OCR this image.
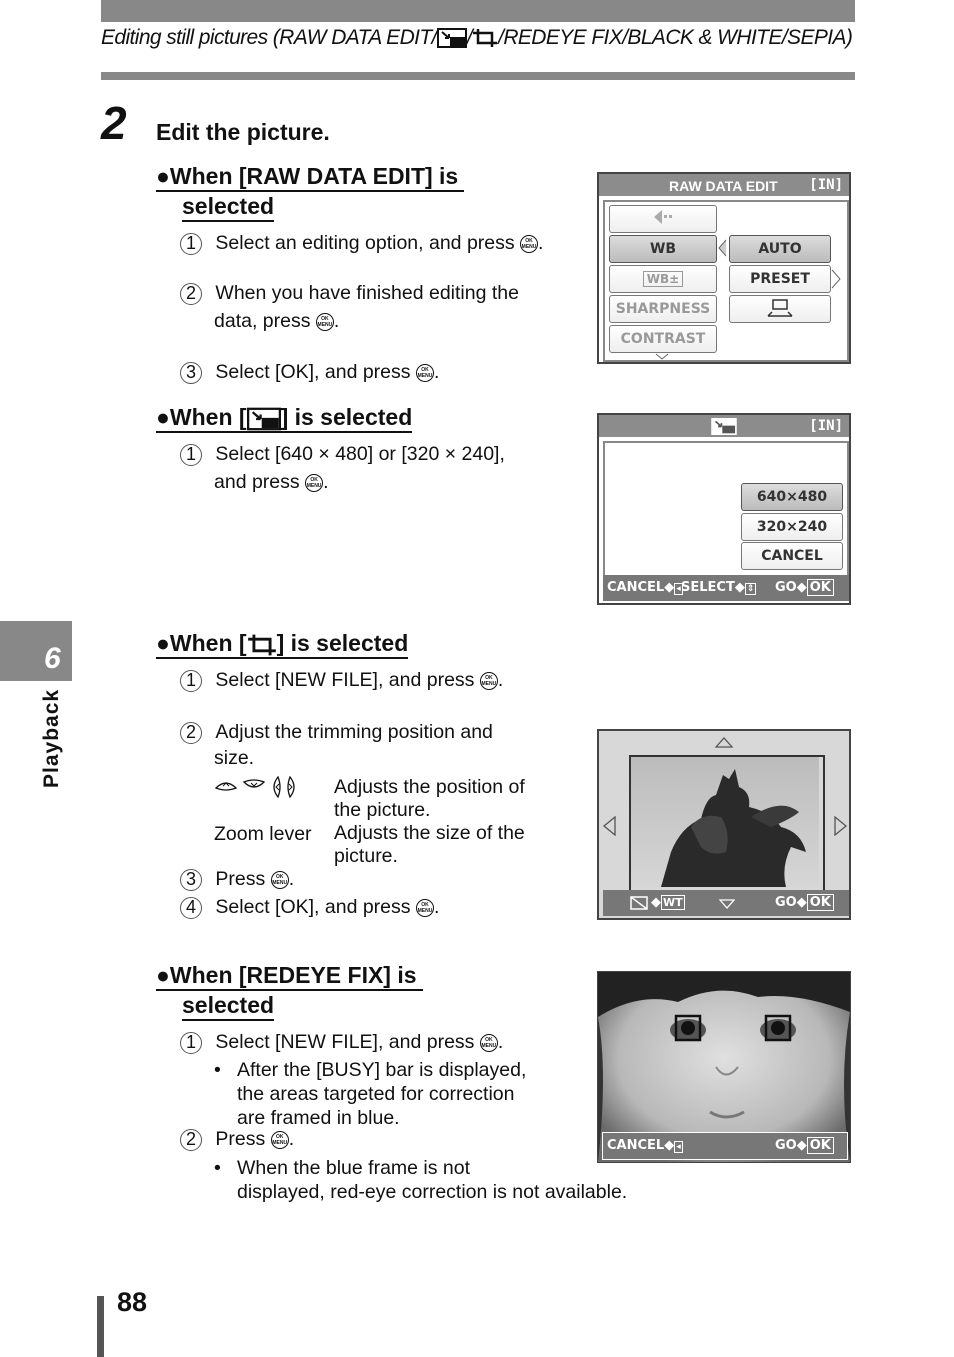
Editing still pictures (RAW DATA EDIT/ / /REDEYE FIX/BLACK & WHITE/SEPIA)
2 Edit the picture.
●When [RAW DATA EDIT] is
selected
1 Select an editing option, and press OK
MENU.
2 When you have finished editing the
data, press OK
MENU.
3 Select [OK], and press OK
MENU.
RAW DATA EDIT [IN]
WB
WB±
SHARPNESS
CONTRAST
AUTO
PRESET
●When [ ] is selected
1 Select [640 × 480] or [320 × 240],
and press OK
MENU.
[IN]
640×480
320×240
CANCEL
CANCEL◆ ◂ SELECT◆ ⇕ GO◆ OK
●When [ ] is selected
1 Select [NEW FILE], and press OK
MENU.
2 Adjust the trimming position and
size.
Adjusts the position of
the picture.
Zoom lever Adjusts the size of the
picture.
3 Press OK
MENU.
4 Select [OK], and press OK
MENU.	◆ WT	GO◆ OK
●When [REDEYE FIX] is
selected
1 Select [NEW FILE], and press OK
MENU.
• After the [BUSY] bar is displayed,
the areas targeted for correction
are framed in blue.
2 Press OK
MENU.
• When the blue frame is not
displayed, red-eye correction is not available.
CANCEL◆ ◂	GO◆ OK
6
Playback
88
